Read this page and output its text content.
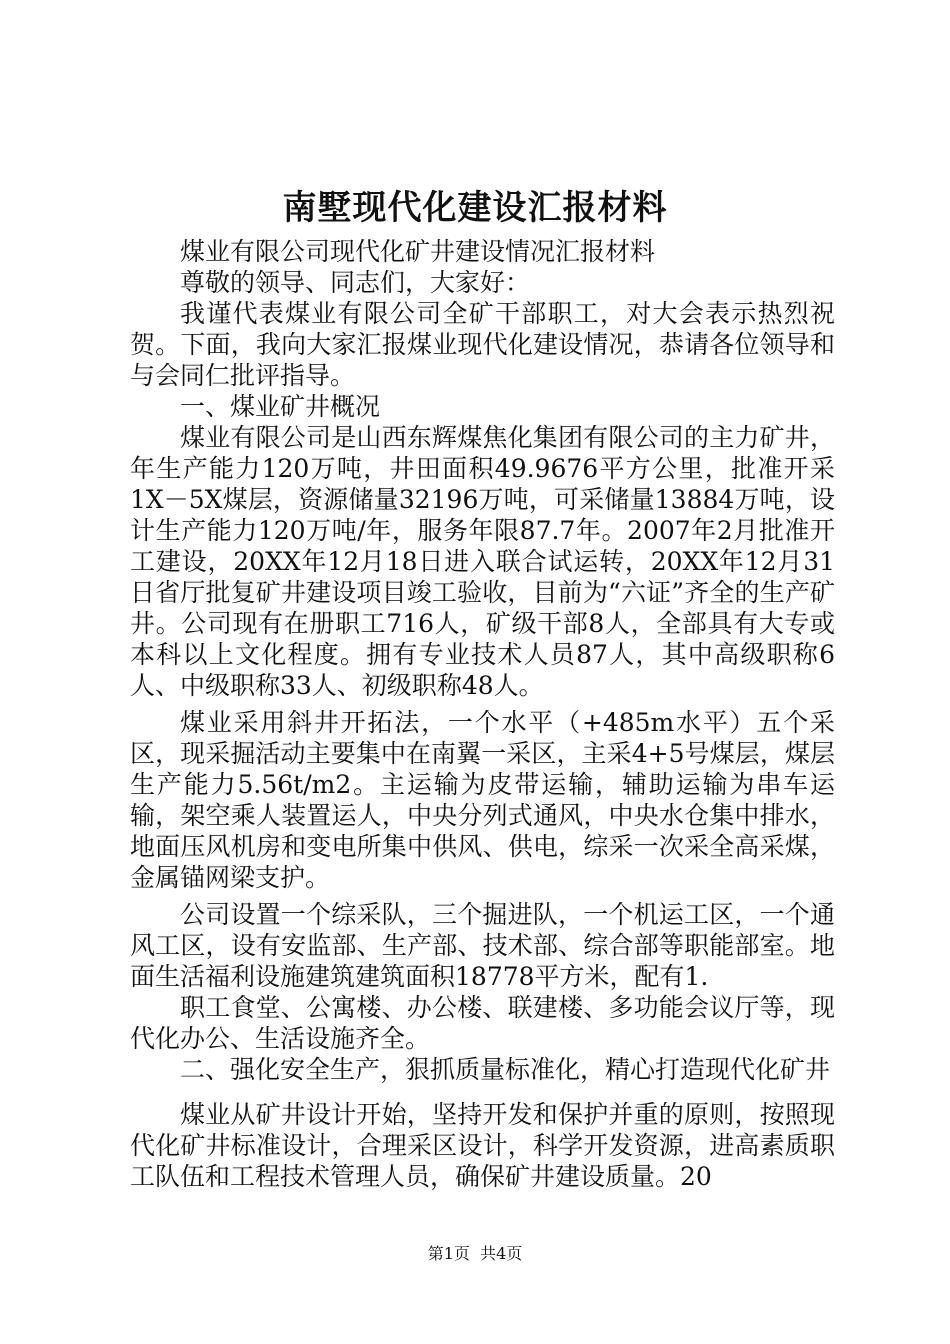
南墅现代化建设汇报材料

煤业有限公司现代化矿井建设情况汇报材料

尊敬的领导、同志们，大家好：

我谨代表煤业有限公司全矿干部职工，对大会表示热烈祝贺。下面，我向大家汇报煤业现代化建设情况，恭请各位领导和与会同仁批评指导。

一、煤业矿井概况

煤业有限公司是山西东辉煤焦化集团有限公司的主力矿井，年生产能力120万吨，井田面积49.9676平方公里，批准开采1X－5X煤层，资源储量32196万吨，可采储量13884万吨，设计生产能力120万吨/年，服务年限87.7年。2007年2月批准开工建设，20XX年12月18日进入联合试运转，20XX年12月31日省厅批复矿井建设项目竣工验收，目前为“六证”齐全的生产矿井。公司现有在册职工716人，矿级干部8人，全部具有大专或本科以上文化程度。拥有专业技术人员87人，其中高级职称6人、中级职称33人、初级职称48人。

煤业采用斜井开拓法，一个水平（+485m水平）五个采区，现采掘活动主要集中在南翼一采区，主采4+5号煤层，煤层生产能力5.56t/m2。主运输为皮带运输，辅助运输为串车运输，架空乘人装置运人，中央分列式通风，中央水仓集中排水，地面压风机房和变电所集中供风、供电，综采一次采全高采煤，金属锚网梁支护。

公司设置一个综采队，三个掘进队，一个机运工区，一个通风工区，设有安监部、生产部、技术部、综合部等职能部室。地面生活福利设施建筑建筑面积18778平方米，配有1.

职工食堂、公寓楼、办公楼、联建楼、多功能会议厅等，现代化办公、生活设施齐全。

二、强化安全生产，狠抓质量标准化，精心打造现代化矿井

煤业从矿井设计开始，坚持开发和保护并重的原则，按照现代化矿井标准设计，合理采区设计，科学开发资源，进高素质职工队伍和工程技术管理人员，确保矿井建设质量。20

第1页 共4页
